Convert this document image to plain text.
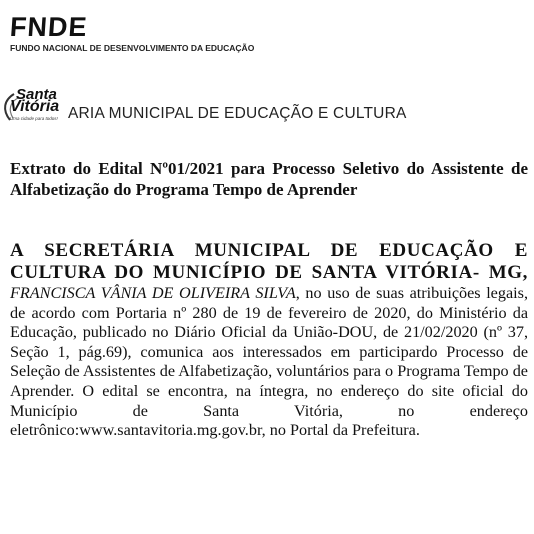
FNDE
FUNDO NACIONAL DE DESENVOLVIMENTO DA EDUCAÇÃO
Santa
Vitória
Uma cidade para todos! ARIA MUNICIPAL DE EDUCAÇÃO E CULTURA

Extrato do Edital Nº01/2021 para Processo Seletivo do Assistente de Alfabetização do Programa Tempo de Aprender

A SECRETÁRIA MUNICIPAL DE EDUCAÇÃO E CULTURA DO MUNICÍPIO DE SANTA VITÓRIA- MG, FRANCISCA VÂNIA DE OLIVEIRA SILVA, no uso de suas atribuições legais, de acordo com Portaria nº 280 de 19 de fevereiro de 2020, do Ministério da Educação, publicado no Diário Oficial da União-DOU, de 21/02/2020 (nº 37, Seção 1, pág.69), comunica aos interessados em participardo Processo de Seleção de Assistentes de Alfabetização, voluntários para o Programa Tempo de Aprender. O edital se encontra, na íntegra, no endereço do site oficial do Município de Santa Vitória, no endereço eletrônico:www.santavitoria.mg.gov.br, no Portal da Prefeitura.
